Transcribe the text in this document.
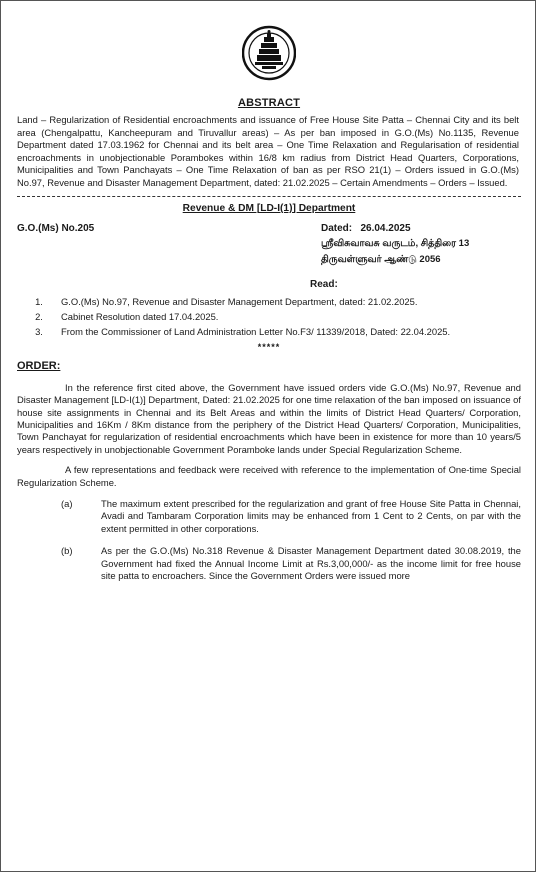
ABSTRACT
Land – Regularization of Residential encroachments and issuance of Free House Site Patta – Chennai City and its belt area (Chengalpattu, Kancheepuram and Tiruvallur areas) – As per ban imposed in G.O.(Ms) No.1135, Revenue Department dated 17.03.1962 for Chennai and its belt area – One Time Relaxation and Regularisation of residential encroachments in unobjectionable Porambokes within 16/8 km radius from District Head Quarters, Corporations, Municipalities and Town Panchayats – One Time Relaxation of ban as per RSO 21(1) – Orders issued in G.O.(Ms) No.97, Revenue and Disaster Management Department, dated: 21.02.2025 – Certain Amendments – Orders – Issued.
Revenue & DM [LD-I(1)] Department
G.O.(Ms) No.205	Dated: 26.04.2025
ஸ்ரீவிசுவாவசு வருடம், சித்திரை 13
திருவள்ளுவர் ஆண்டு 2056
Read:
1.	G.O.(Ms) No.97, Revenue and Disaster Management Department, dated: 21.02.2025.
2.	Cabinet Resolution dated 17.04.2025.
3.	From the Commissioner of Land Administration Letter No.F3/ 11339/2018, Dated: 22.04.2025.
*****
ORDER:
In the reference first cited above, the Government have issued orders vide G.O.(Ms) No.97, Revenue and Disaster Management [LD-I(1)] Department, Dated: 21.02.2025 for one time relaxation of the ban imposed on issuance of house site assignments in Chennai and its Belt Areas and within the limits of District Head Quarters/ Corporation, Municipalities and 16Km / 8Km distance from the periphery of the District Head Quarters/ Corporation, Municipalities, Town Panchayat for regularization of residential encroachments which have been in existence for more than 10 years/5 years respectively in unobjectionable Government Poramboke lands under Special Regularization Scheme.
A few representations and feedback were received with reference to the implementation of One-time Special Regularization Scheme.
(a)	The maximum extent prescribed for the regularization and grant of free House Site Patta in Chennai, Avadi and Tambaram Corporation limits may be enhanced from 1 Cent to 2 Cents, on par with the extent permitted in other corporations.
(b)	As per the G.O.(Ms) No.318 Revenue & Disaster Management Department dated 30.08.2019, the Government had fixed the Annual Income Limit at Rs.3,00,000/- as the income limit for free house site patta to encroachers. Since the Government Orders were issued more
